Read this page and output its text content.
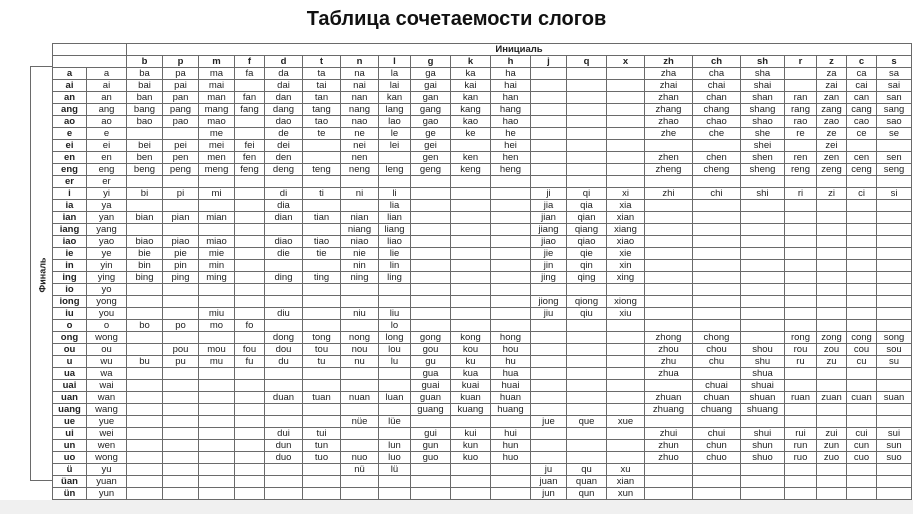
Таблица сочетаемости слогов
Финаль
		Инициаль																				
		b	p	m	f	d	t	n	l	g	k	h	j	q	x	zh	ch	sh	r	z	c	s
a	a	ba	pa	ma	fa	da	ta	na	la	ga	ka	ha				zha	cha	sha		za	ca	sa
ai	ai	bai	pai	mai		dai	tai	nai	lai	gai	kai	hai				zhai	chai	shai		zai	cai	sai
an	an	ban	pan	man	fan	dan	tan	nan	kan	gan	kan	han				zhan	chan	shan	ran	zan	can	san
ang	ang	bang	pang	mang	fang	dang	tang	nang	lang	gang	kang	hang				zhang	chang	shang	rang	zang	cang	sang
ao	ao	bao	pao	mao		dao	tao	nao	lao	gao	kao	hao				zhao	chao	shao	rao	zao	cao	sao
e	e			me		de	te	ne	le	ge	ke	he				zhe	che	she	re	ze	ce	se
ei	ei	bei	pei	mei	fei	dei		nei	lei	gei		hei						shei		zei		
en	en	ben	pen	men	fen	den		nen		gen	ken	hen				zhen	chen	shen	ren	zen	cen	sen
eng	eng	beng	peng	meng	feng	deng	teng	neng	leng	geng	keng	heng				zheng	cheng	sheng	reng	zeng	ceng	seng
er	er																					
i	yi	bi	pi	mi		di	ti	ni	li				ji	qi	xi	zhi	chi	shi	ri	zi	ci	si
ia	ya					dia			lia				jia	qia	xia							
ian	yan	bian	pian	mian		dian	tian	nian	lian				jian	qian	xian							
iang	yang							niang	liang				jiang	qiang	xiang							
iao	yao	biao	piao	miao		diao	tiao	niao	liao				jiao	qiao	xiao							
ie	ye	bie	pie	mie		die	tie	nie	lie				jie	qie	xie							
in	yin	bin	pin	min				nin	lin				jin	qin	xin							
ing	ying	bing	ping	ming		ding	ting	ning	ling				jing	qing	xing							
io	yo																					
iong	yong												jiong	qiong	xiong							
iu	you			miu		diu		niu	liu				jiu	qiu	xiu							
o	o	bo	po	mo	fo				lo													
ong	wong					dong	tong	nong	long	gong	kong	hong				zhong	chong		rong	zong	cong	song
ou	ou		pou	mou	fou	dou	tou	nou	lou	gou	kou	hou				zhou	chou	shou	rou	zou	cou	sou
u	wu	bu	pu	mu	fu	du	tu	nu	lu	gu	ku	hu				zhu	chu	shu	ru	zu	cu	su
ua	wa									gua	kua	hua				zhua		shua				
uai	wai									guai	kuai	huai					chuai	shuai				
uan	wan					duan	tuan	nuan	luan	guan	kuan	huan				zhuan	chuan	shuan	ruan	zuan	cuan	suan
uang	wang									guang	kuang	huang				zhuang	chuang	shuang				
ue	yue							nüe	lüe				jue	que	xue							
ui	wei					dui	tui			gui	kui	hui				zhui	chui	shui	rui	zui	cui	sui
un	wen					dun	tun		lun	gun	kun	hun				zhun	chun	shun	run	zun	cun	sun
uo	wong					duo	tuo	nuo	luo	guo	kuo	huo				zhuo	chuo	shuo	ruo	zuo	cuo	suo
ü	yu							nü	lü				ju	qu	xu							
üan	yuan												juan	quan	xian							
ün	yun												jun	qun	xun							
